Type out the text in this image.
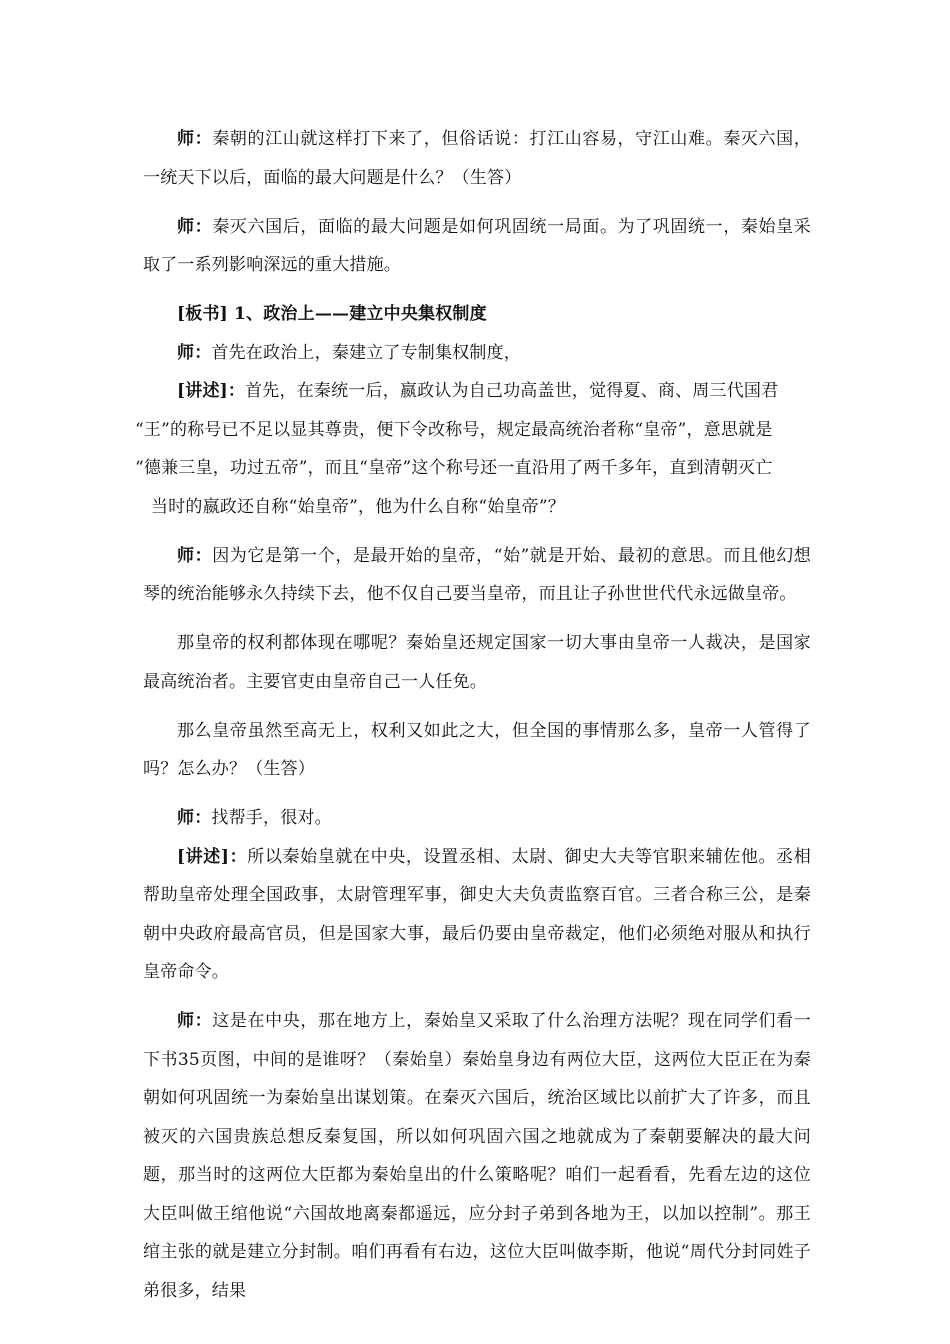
师：秦朝的江山就这样打下来了，但俗话说：打江山容易，守江山难。秦灭六国，一统天下以后，面临的最大问题是什么？（生答）

师：秦灭六国后，面临的最大问题是如何巩固统一局面。为了巩固统一，秦始皇采取了一系列影响深远的重大措施。

[板书] 1、政治上——建立中央集权制度

师：首先在政治上，秦建立了专制集权制度，

[讲述]：首先，在秦统一后，嬴政认为自己功高盖世，觉得夏、商、周三代国君

“王”的称号已不足以显其尊贵，便下令改称号，规定最高统治者称“皇帝”，意思就是

“德兼三皇，功过五帝”，而且“皇帝”这个称号还一直沿用了两千多年，直到清朝灭亡

当时的嬴政还自称“始皇帝”，他为什么自称“始皇帝”？

师：因为它是第一个，是最开始的皇帝，“始”就是开始、最初的意思。而且他幻想琴的统治能够永久持续下去，他不仅自己要当皇帝，而且让子孙世世代代永远做皇帝。

那皇帝的权利都体现在哪呢？秦始皇还规定国家一切大事由皇帝一人裁决，是国家最高统治者。主要官吏由皇帝自己一人任免。

那么皇帝虽然至高无上，权利又如此之大，但全国的事情那么多，皇帝一人管得了吗？怎么办？（生答）

师：找帮手，很对。

[讲述]：所以秦始皇就在中央，设置丞相、太尉、御史大夫等官职来辅佐他。丞相帮助皇帝处理全国政事，太尉管理军事，御史大夫负责监察百官。三者合称三公，是秦朝中央政府最高官员，但是国家大事，最后仍要由皇帝裁定，他们必须绝对服从和执行皇帝命令。

师：这是在中央，那在地方上，秦始皇又采取了什么治理方法呢？现在同学们看一下书35页图，中间的是谁呀？（秦始皇）秦始皇身边有两位大臣，这两位大臣正在为秦朝如何巩固统一为秦始皇出谋划策。在秦灭六国后，统治区域比以前扩大了许多，而且被灭的六国贵族总想反秦复国，所以如何巩固六国之地就成为了秦朝要解决的最大问题，那当时的这两位大臣都为秦始皇出的什么策略呢？咱们一起看看，先看左边的这位大臣叫做王绾他说“六国故地离秦都遥远，应分封子弟到各地为王，以加以控制”。那王绾主张的就是建立分封制。咱们再看有右边，这位大臣叫做李斯，他说“周代分封同姓子弟很多，结果
